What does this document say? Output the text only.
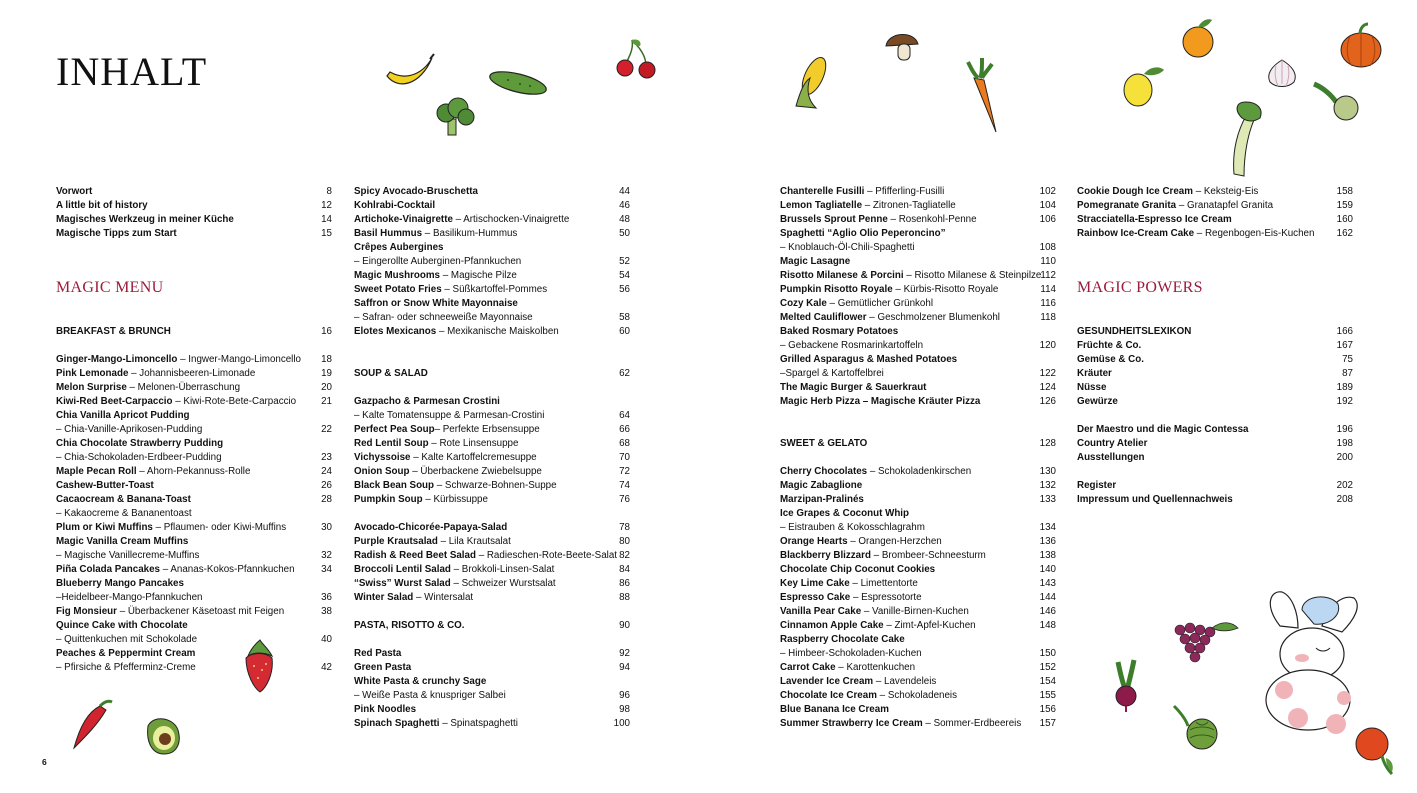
INHALT
MAGIC MENU	MAGIC POWERS
Vorwort	8
A little bit of history	12
Magisches Werkzeug in meiner Küche	14
Magische Tipps zum Start	15
BREAKFAST & BRUNCH	16
Ginger-Mango-Limoncello – Ingwer-Mango-Limoncello 18
Pink Lemonade – Johannisbeeren-Limonade	19
Melon Surprise – Melonen-Überraschung	20
Kiwi-Red Beet-Carpaccio – Kiwi-Rote-Bete-Carpaccio	21
Chia Vanilla Apricot Pudding
– Chia-Vanille-Aprikosen-Pudding	22
Chia Chocolate Strawberry Pudding
– Chia-Schokoladen-Erdbeer-Pudding	23
Maple Pecan Roll – Ahorn-Pekannuss-Rolle	24
Cashew-Butter-Toast	26
Cacaocream & Banana-Toast	28
– Kakaocreme & Bananentoast
Plum or Kiwi Muffins – Pflaumen- oder Kiwi-Muffins	30
Magic Vanilla Cream Muffins
– Magische Vanillecreme-Muffins	32
Piña Colada Pancakes – Ananas-Kokos-Pfannkuchen	34
Blueberry Mango Pancakes
–Heidelbeer-Mango-Pfannkuchen	36
Fig Monsieur – Überbackener Käsetoast mit Feigen	38
Quince Cake with Chocolate
– Quittenkuchen mit Schokolade	40
Peaches & Peppermint Cream
– Pfirsiche & Pfefferminz-Creme	42
Spicy Avocado-Bruschetta	44
Kohlrabi-Cocktail	46
Artichoke-Vinaigrette – Artischocken-Vinaigrette	48
Basil Hummus – Basilikum-Hummus	50
Crêpes Aubergines
– Eingerollte Auberginen-Pfannkuchen	52
Magic Mushrooms – Magische Pilze	54
Sweet Potato Fries – Süßkartoffel-Pommes	56
Saffron or Snow White Mayonnaise
– Safran- oder schneeweiße Mayonnaise	58
Elotes Mexicanos – Mexikanische Maiskolben	60
SOUP & SALAD	62
Gazpacho & Parmesan Crostini
– Kalte Tomatensuppe & Parmesan-Crostini	64
Perfect Pea Soup– Perfekte Erbsensuppe	66
Red Lentil Soup – Rote Linsensuppe	68
Vichyssoise – Kalte Kartoffelcremesuppe	70
Onion Soup – Überbackene Zwiebelsuppe	72
Black Bean Soup – Schwarze-Bohnen-Suppe	74
Pumpkin Soup – Kürbissuppe	76
Avocado-Chicorée-Papaya-Salad	78
Purple Krautsalad – Lila Krautsalat	80
Radish & Reed Beet Salad – Radieschen-Rote-Beete-Salat 82
Broccoli Lentil Salad – Brokkoli-Linsen-Salat	84
“Swiss” Wurst Salad – Schweizer Wurstsalat	86
Winter Salad – Wintersalat	88
PASTA, RISOTTO & CO.	90
Red Pasta	92
Green Pasta	94
White Pasta & crunchy Sage
– Weiße Pasta & knuspriger Salbei	96
Pink Noodles	98
Spinach Spaghetti – Spinatspaghetti	100
Chanterelle Fusilli – Pfifferling-Fusilli	102
Lemon Tagliatelle – Zitronen-Tagliatelle	104
Brussels Sprout Penne – Rosenkohl-Penne	106
Spaghetti “Aglio Olio Peperoncino”
– Knoblauch-Öl-Chili-Spaghetti	108
Magic Lasagne	110
Risotto Milanese & Porcini – Risotto Milanese & Steinpilze 112
Pumpkin Risotto Royale – Kürbis-Risotto Royale	114
Cozy Kale – Gemütlicher Grünkohl	116
Melted Cauliflower – Geschmolzener Blumenkohl	118
Baked Rosmary Potatoes
– Gebackene Rosmarinkartoffeln	120
Grilled Asparagus & Mashed Potatoes
–Spargel & Kartoffelbrei	122
The Magic Burger & Sauerkraut	124
Magic Herb Pizza – Magische Kräuter Pizza	126
SWEET & GELATO	128
Cherry Chocolates – Schokoladenkirschen	130
Magic Zabaglione	132
Marzipan-Pralinés	133
Ice Grapes & Coconut Whip
– Eistrauben & Kokosschlagrahm	134
Orange Hearts – Orangen-Herzchen	136
Blackberry Blizzard – Brombeer-Schneesturm	138
Chocolate Chip Coconut Cookies	140
Key Lime Cake – Limettentorte	143
Espresso Cake – Espressotorte	144
Vanilla Pear Cake – Vanille-Birnen-Kuchen	146
Cinnamon Apple Cake – Zimt-Apfel-Kuchen	148
Raspberry Chocolate Cake
– Himbeer-Schokoladen-Kuchen	150
Carrot Cake – Karottenkuchen	152
Lavender Ice Cream – Lavendeleis	154
Chocolate Ice Cream – Schokoladeneis	155
Blue Banana Ice Cream	156
Summer Strawberry Ice Cream – Sommer-Erdbeereis 157
Cookie Dough Ice Cream – Keksteig-Eis	158
Pomegranate Granita – Granatapfel Granita	159
Stracciatella-Espresso Ice Cream	160
Rainbow Ice-Cream Cake – Regenbogen-Eis-Kuchen 162
GESUNDHEITSLEXIKON	166
Früchte & Co.	167
Gemüse & Co.	75
Kräuter	87
Nüsse	189
Gewürze	192
Der Maestro und die Magic Contessa	196
Country Atelier	198
Ausstellungen	200
Register	202
Impressum und Quellennachweis	208
6
